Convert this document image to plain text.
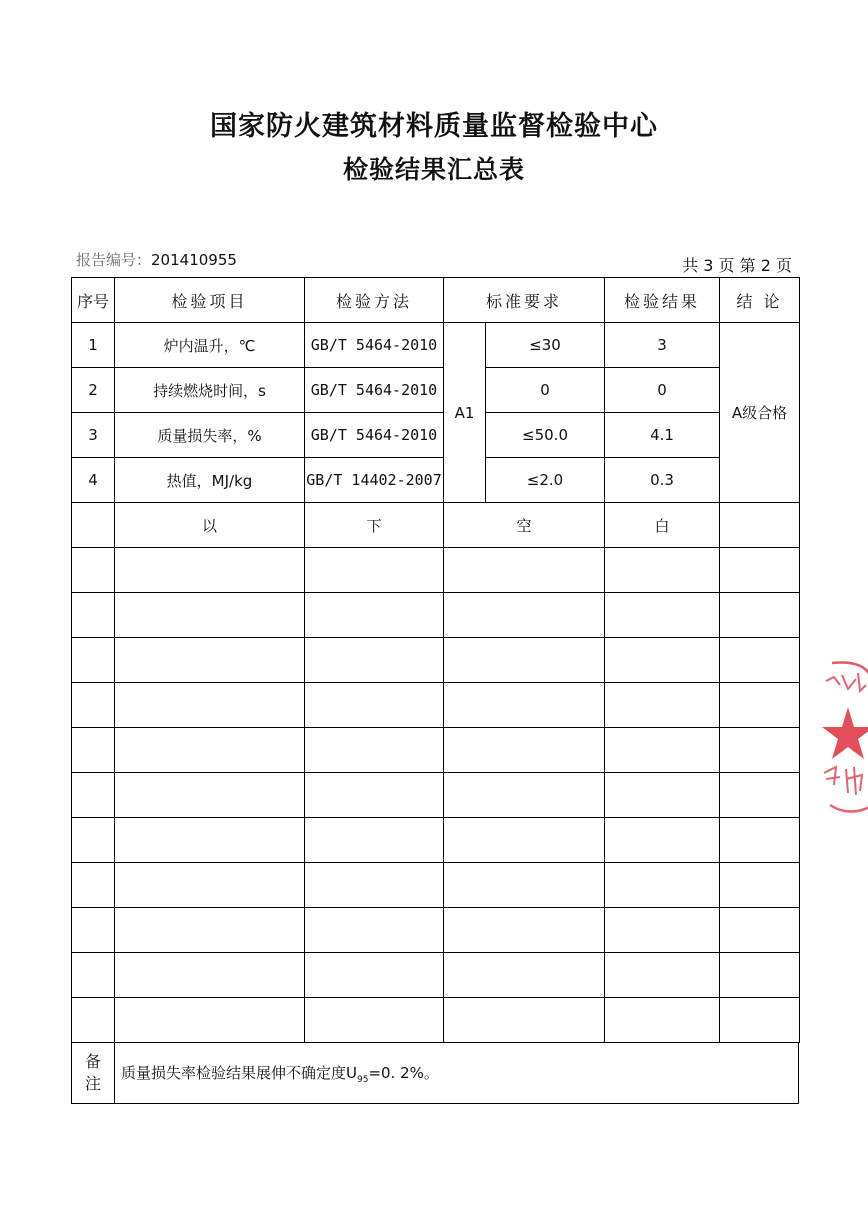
国家防火建筑材料质量监督检验中心
检验结果汇总表
报告编号：201410955	共 3 页 第 2 页
序号	检验项目	检验方法	标准要求		检验结果	结 论
1	炉内温升，℃	GB/T 5464-2010	A1	≤30	3	A级合格
2	持续燃烧时间，s	GB/T 5464-2010		0	0	
3	质量损失率，%	GB/T 5464-2010		≤50.0	4.1	
4	热值，MJ/kg	GB/T 14402-2007		≤2.0	0.3	
	以	下	空		白	

备
注	质量损失率检验结果展伸不确定度$U_{95}=0$. 2%。
